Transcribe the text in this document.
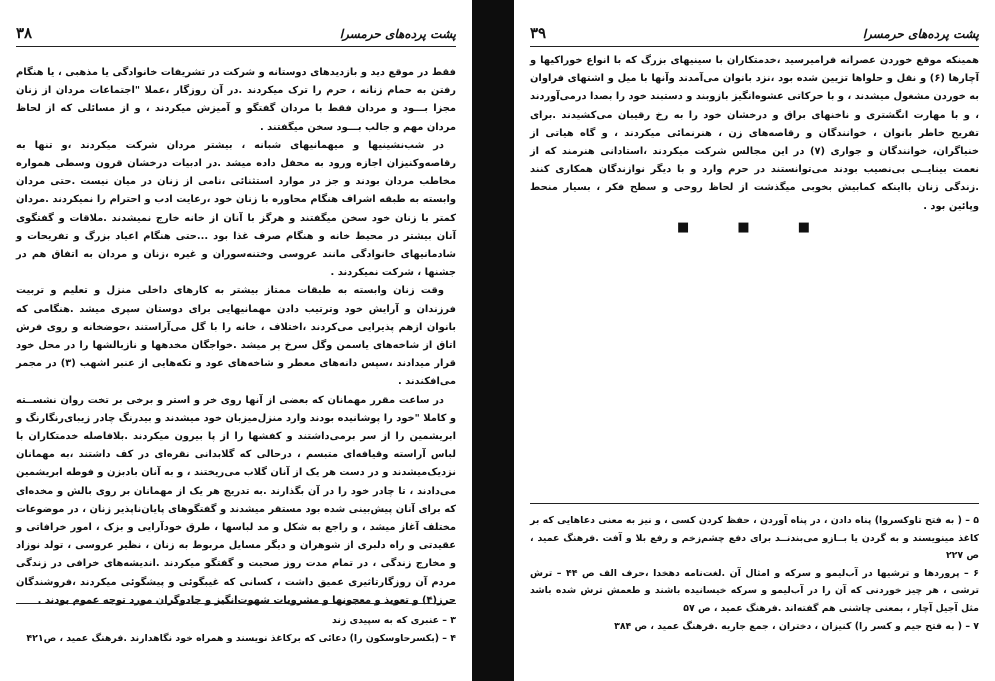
پشت پرده‌های حرمسرا
۳۸

فقط در موقع دید و بازدیدهای دوستانه و شرکت در تشریفات خانوادگی یا مذهبی ، یا هنگام رفتن به حمام زنانه ، حرم را ترک میکردند .در آن روزگار ،عملا "اجتماعات مردان از زنان مجزا بـــود و مردان فقط با مردان گفتگو و آمیزش میکردند ، و از مسائلی که از لحاظ مردان مهم و جالب بـــود سخن میگفتند .

در شب‌نشینیها و میهمانیهای شبانه ، بیشتر مردان شرکت میکردند ،و تنها به رقاصه‌وکنیزان اجازه ورود به محفل داده میشد .در ادبیات درخشان قرون وسطی همواره مخاطب مردان بودند و جز در موارد استثنائی ،نامی از زنان در میان نیست .حتی مردان وابسته به طبقه اشراف هنگام محاوره با زنان خود ،رعایت ادب و احترام را نمیکردند .مردان کمتر با زنان خود سخن میگفتند و هرگز با آنان از خانه خارج نمیشدند .ملاقات و گفتگوی آنان بیشتر در محیط خانه و هنگام صرف غذا بود ...حتی هنگام اعیاد بزرگ و تفریحات و شادمانیهای خانوادگی مانند عروسی وختنه‌سوران و غیره ،زنان و مردان به اتفاق هم در جشنها ، شرکت نمیکردند .

وقت زنان وابسته به طبقات ممتاز بیشتر به کارهای داخلی منزل و تعلیم و تربیت فرزندان و آرایش خود وترتیب دادن مهمانیهایی برای دوستان سپری میشد .هنگامی که بانوان ازهم پذیرایی می‌کردند ،اختلاف ، خانه را با گل می‌آراستند ،حوضخانه و روی فرش اتاق از شاخه‌های یاسمن وگل سرخ پر میشد .خواجگان مخدهها و نازبالشها را در محل خود قرار میدادند ،سپس دانه‌های معطر و شاخه‌های عود و تکه‌هایی از عنبر اشهب (۳) در مجمر می‌افکندند .

در ساعت مقرر مهمانان که بعضی از آنها روی خر و استر و برخی بر تخت روان نشســته و کاملا "خود را پوشانیده بودند وارد منزل‌میزبان خود میشدند و بیدرنگ چادر زیبای‌رنگارنگ و ابریشمین را از سر برمی‌داشتند و کفشها را از پا بیرون میکردند .بلافاصله خدمتکاران با لباس آراسته وقیافه‌ای متبسم ، درحالی که گلابدانی نقره‌ای در کف داشتند ،به مهمانان نزدیک‌میشدند و در دست هر یک از آنان گلاب می‌ریختند ، و به آنان بادبزن و فوطه ابریشمین می‌دادند ، تا چادر خود را در آن بگذارند .به تدریج هر یک از مهمانان بر روی بالش و مخده‌ای که برای آنان پیش‌بینی شده بود مستقر میشدند و گفتگوهای پایان‌ناپذیر زنان ، در موضوعات مختلف آغاز میشد ، و راجع به شکل و مد لباسها ، طرق خودآرایی و بزک ، امور خرافاتی و عقیدتی و راه دلبری از شوهران و دیگر مسایل مربوط به زنان ، نظیر عروسی ، تولد نوزاد و مخارج زندگی ، در تمام مدت روز صحبت و گفتگو میکردند .اندیشه‌های خرافی در زندگی مردم آن روزگارتاثیری عمیق داشت ، کسانی که غیبگوئی و پیشگوئی میکردند ،فروشندگان حرز(۴) و تعویذ و معجونها و مشروبات شهوت‌انگیز و جادوگران مورد توجه عموم بودند .

۳ – عنبری که به سپیدی زند

۴ – (بکسرحاوسکون را) دعائی که برکاغذ نویسند و همراه خود نگاهدارند .فرهنگ عمید ، ص۴۲۱

پشت پرده‌های حرمسرا
۳۹

همینکه موقع خوردن عصرانه فرامیرسید ،خدمتکاران با سینیهای بزرگ که با انواع خوراکیها و آچارها (۶) و نقل و حلواها تزیین شده بود ،نزد بانوان می‌آمدند وآنها با میل و اشتهای فراوان به خوردن مشغول میشدند ، و با حرکاتی عشوه‌انگیز بازوبند و دستبند خود را بصدا درمی‌آوردند ، و با مهارت انگشتری و ناخنهای براق و درخشان خود را به رخ رقیبان می‌کشیدند .برای تفریح خاطر بانوان ، خوانندگان و رقاصه‌های زن ، هنرنمائی میکردند ، و گاه هیاتی از خنیاگران، خوانندگان و جواری (۷) در این مجالس شرکت میکردند ،استادانی هنرمند که از نعمت بینایــی بی‌نصیب بودند می‌توانستند در حرم وارد و با دیگر نوازندگان همکاری کنند .زندگی زنان بااینکه کمابیش بخوبی میگذشت از لحاظ روحی و سطح فکر ، بسیار منحط وپائین بود .

■ ■ ■

۵ – ( به فتح تاوکسروا) پناه دادن ، در پناه آوردن ، حفظ کردن کسی ، و نیز به معنی دعاهایی که بر کاغذ مینویسند و به گردن یا بــازو می‌بندنــد برای دفع چشم‌زخم و رفع بلا و آفت .فرهنگ عمید ، ص ۲۲۷

۶ – پروردها و ترشیها در آب‌لیمو و سرکه و امثال آن .لغت‌نامه دهخدا ،حرف الف ص ۴۴ – ترش ترشی ، هر چیز خوردنی که آن را در آب‌لیمو و سرکه خیسانیده باشند و طعمش ترش شده باشد مثل آجیل آچار ، بمعنی چاشنی هم گفته‌اند .فرهنگ عمید ، ص ۵۷

۷ – ( به فتح جیم و کسر را) کنیزان ، دختران ، جمع جاریه .فرهنگ عمید ، ص ۳۸۴
